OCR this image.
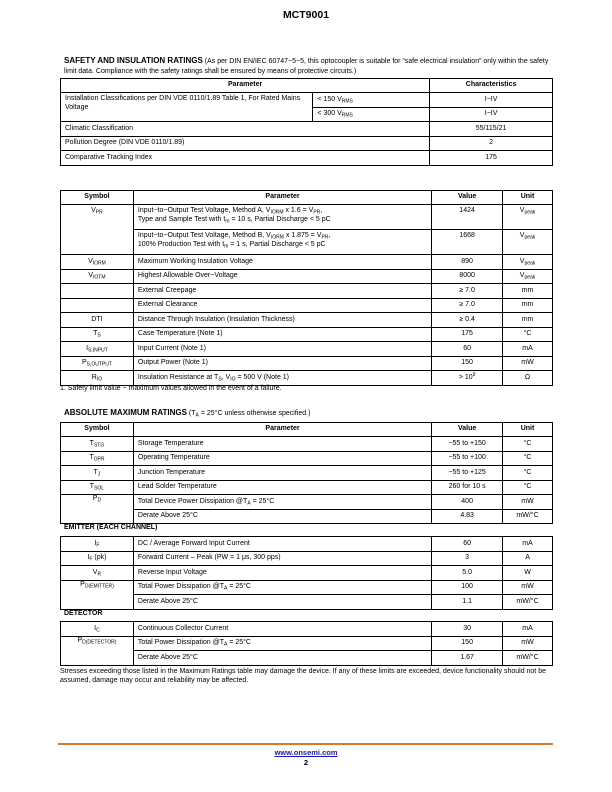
MCT9001
SAFETY AND INSULATION RATINGS (As per DIN EN/IEC 60747−5−5, this optocoupler is suitable for “safe electrical insulation” only within the safety limit data. Compliance with the safety ratings shall be ensured by means of protective circuits.)
Parameter		Characteristics
Installation Classifications per DIN VDE 0110/1.89 Table 1, For Rated Mains Voltage	< 150 $V_{RMS}$	I−IV
	< 300 $V_{RMS}$	I−IV
Climatic Classification		55/115/21
Pollution Degree (DIN VDE 0110/1.89)		2
Comparative Tracking Index		175
Symbol	Parameter	Value	Unit
$V_{PR}$	Input−to−Output Test Voltage, Method A, $V_{IORM}$ x $1.6 = V_{PR}$,
Type and Sample Test with $t_m = 10$ s, Partial Discharge < 5 pC	1424	$V_{peak}$
	Input−to−Output Test Voltage, Method B, $V_{IORM}$ x $1.875 = V_{PR}$,
100% Production Test with $t_m = 1$ s, Partial Discharge < 5 pC	1668	$V_{peak}$
$V_{IORM}$	Maximum Working Insulation Voltage	890	$V_{peak}$
$V_{IOTM}$	Highest Allowable Over−Voltage	8000	$V_{peak}$
	External Creepage	≥ 7.0	mm
	External Clearance	≥ 7.0	mm
DTI	Distance Through Insulation (Insulation Thickness)	≥ 0.4	mm
$T_S$	Case Temperature (Note 1)	175	°C
$I_{S,INPUT}$	Input Current (Note 1)	60	mA
$P_{S,OUTPUT}$	Output Power (Note 1)	150	mW
$R_{IO}$	Insulation Resistance at $T_S$, $V_{IO} = 500$ V (Note 1)	> $10^9$	Ω
1. Safety limit value − maximum values allowed in the event of a failure.
ABSOLUTE MAXIMUM RATINGS ($T_A = 25^\circ C$ unless otherwise specified.)
Symbol	Parameter	Value	Unit
$T_{STG}$	Storage Temperature	−55 to +150	°C
$T_{OPR}$	Operating Temperature	−55 to +100	°C
$T_J$	Junction Temperature	−55 to +125	°C
$T_{SOL}$	Lead Solder Temperature	260 for 10 s	°C
$P_D$	Total Device Power Dissipation $@T_A = 25^\circ C$	400	mW
	Derate Above 25°C	4.83	mW/°C
EMITTER (EACH CHANNEL)
$I_F$	DC / Average Forward Input Current	60	mA
$I_F$ (pk)	Forward Current – Peak (PW = 1 μs, 300 pps)	3	A
$V_R$	Reverse Input Voltage	5.0	W
$P_{D(EMITTER)}$	Total Power Dissipation $@T_A = 25^\circ C$	100	mW
	Derate Above 25°C	1.1	mW/°C
DETECTOR
$I_C$	Continuous Collector Current	30	mA
$P_{D(DETECTOR)}$	Total Power Dissipation $@T_A = 25^\circ C$	150	mW
	Derate Above 25°C	1.67	mW/°C
Stresses exceeding those listed in the Maximum Ratings table may damage the device. If any of these limits are exceeded, device functionality should not be assumed, damage may occur and reliability may be affected.
www.onsemi.com
2
